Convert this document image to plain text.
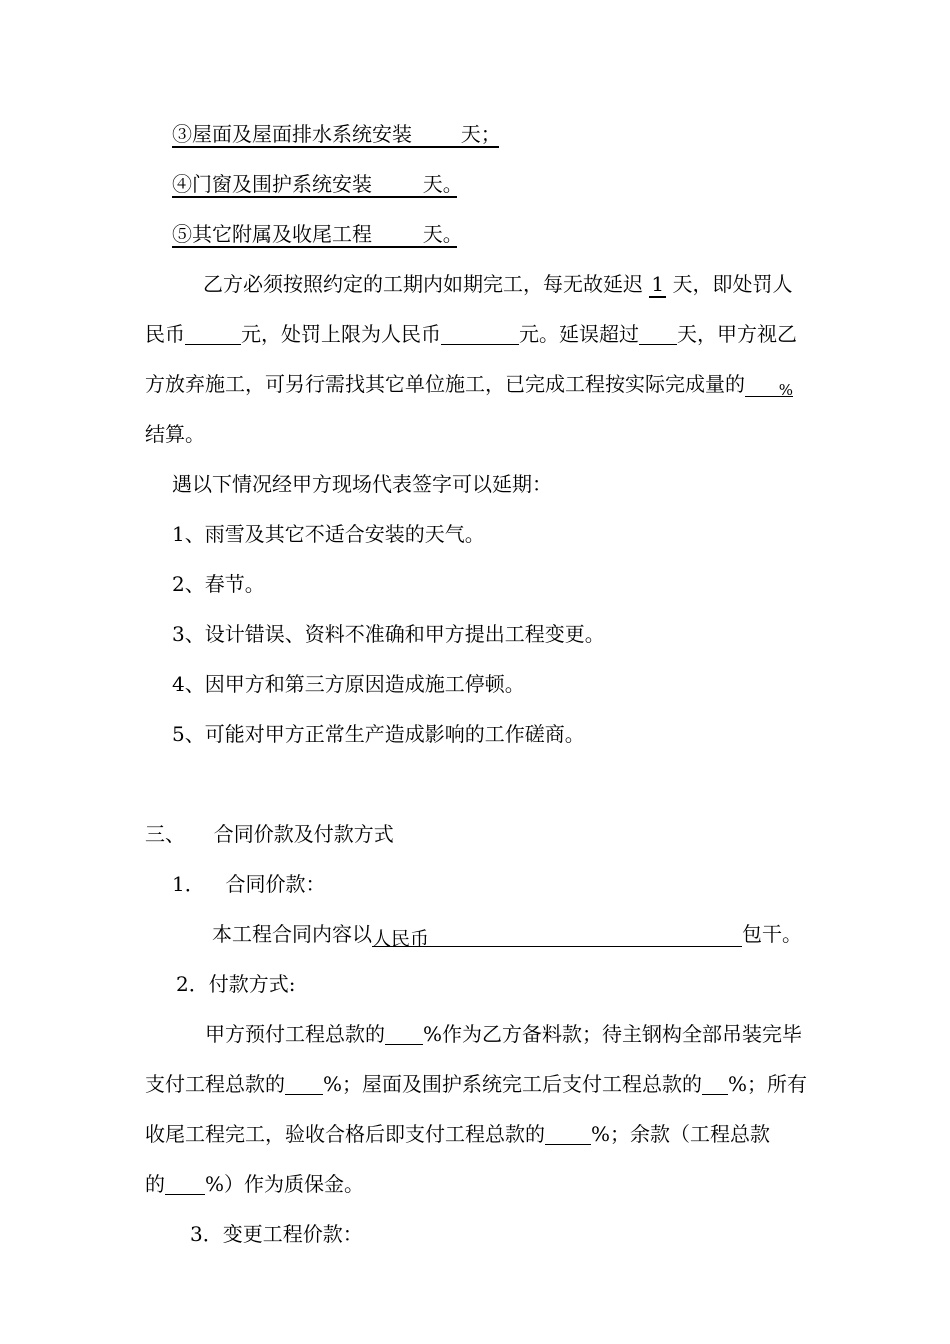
③屋面及屋面排水系统安装 天；
④门窗及围护系统安装	天。
⑤其它附属及收尾工程	天。
乙方必须按照约定的工期内如期完工，每无故延迟 1 天，即处罚人
民币	元，处罚上限为人民币	元。延误超过 天，甲方视乙
方放弃施工，可另行需找其它单位施工，已完成工程按实际完成量的 %
结算。
遇以下情况经甲方现场代表签字可以延期：
1、雨雪及其它不适合安装的天气。
2、春节。
3、设计错误、资料不准确和甲方提出工程变更。
4、因甲方和第三方原因造成施工停顿。
5、可能对甲方正常生产造成影响的工作磋商。
三、 合同价款及付款方式
1． 合同价款：
本工程合同内容以人民币	包干。
2．付款方式:
甲方预付工程总款的 %作为乙方备料款；待主钢构全部吊装完毕
支付工程总款的 %；屋面及围护系统完工后支付工程总款的 %；所有
收尾工程完工，验收合格后即支付工程总款的 %；余款（工程总款
的 %）作为质保金。
3．变更工程价款：
